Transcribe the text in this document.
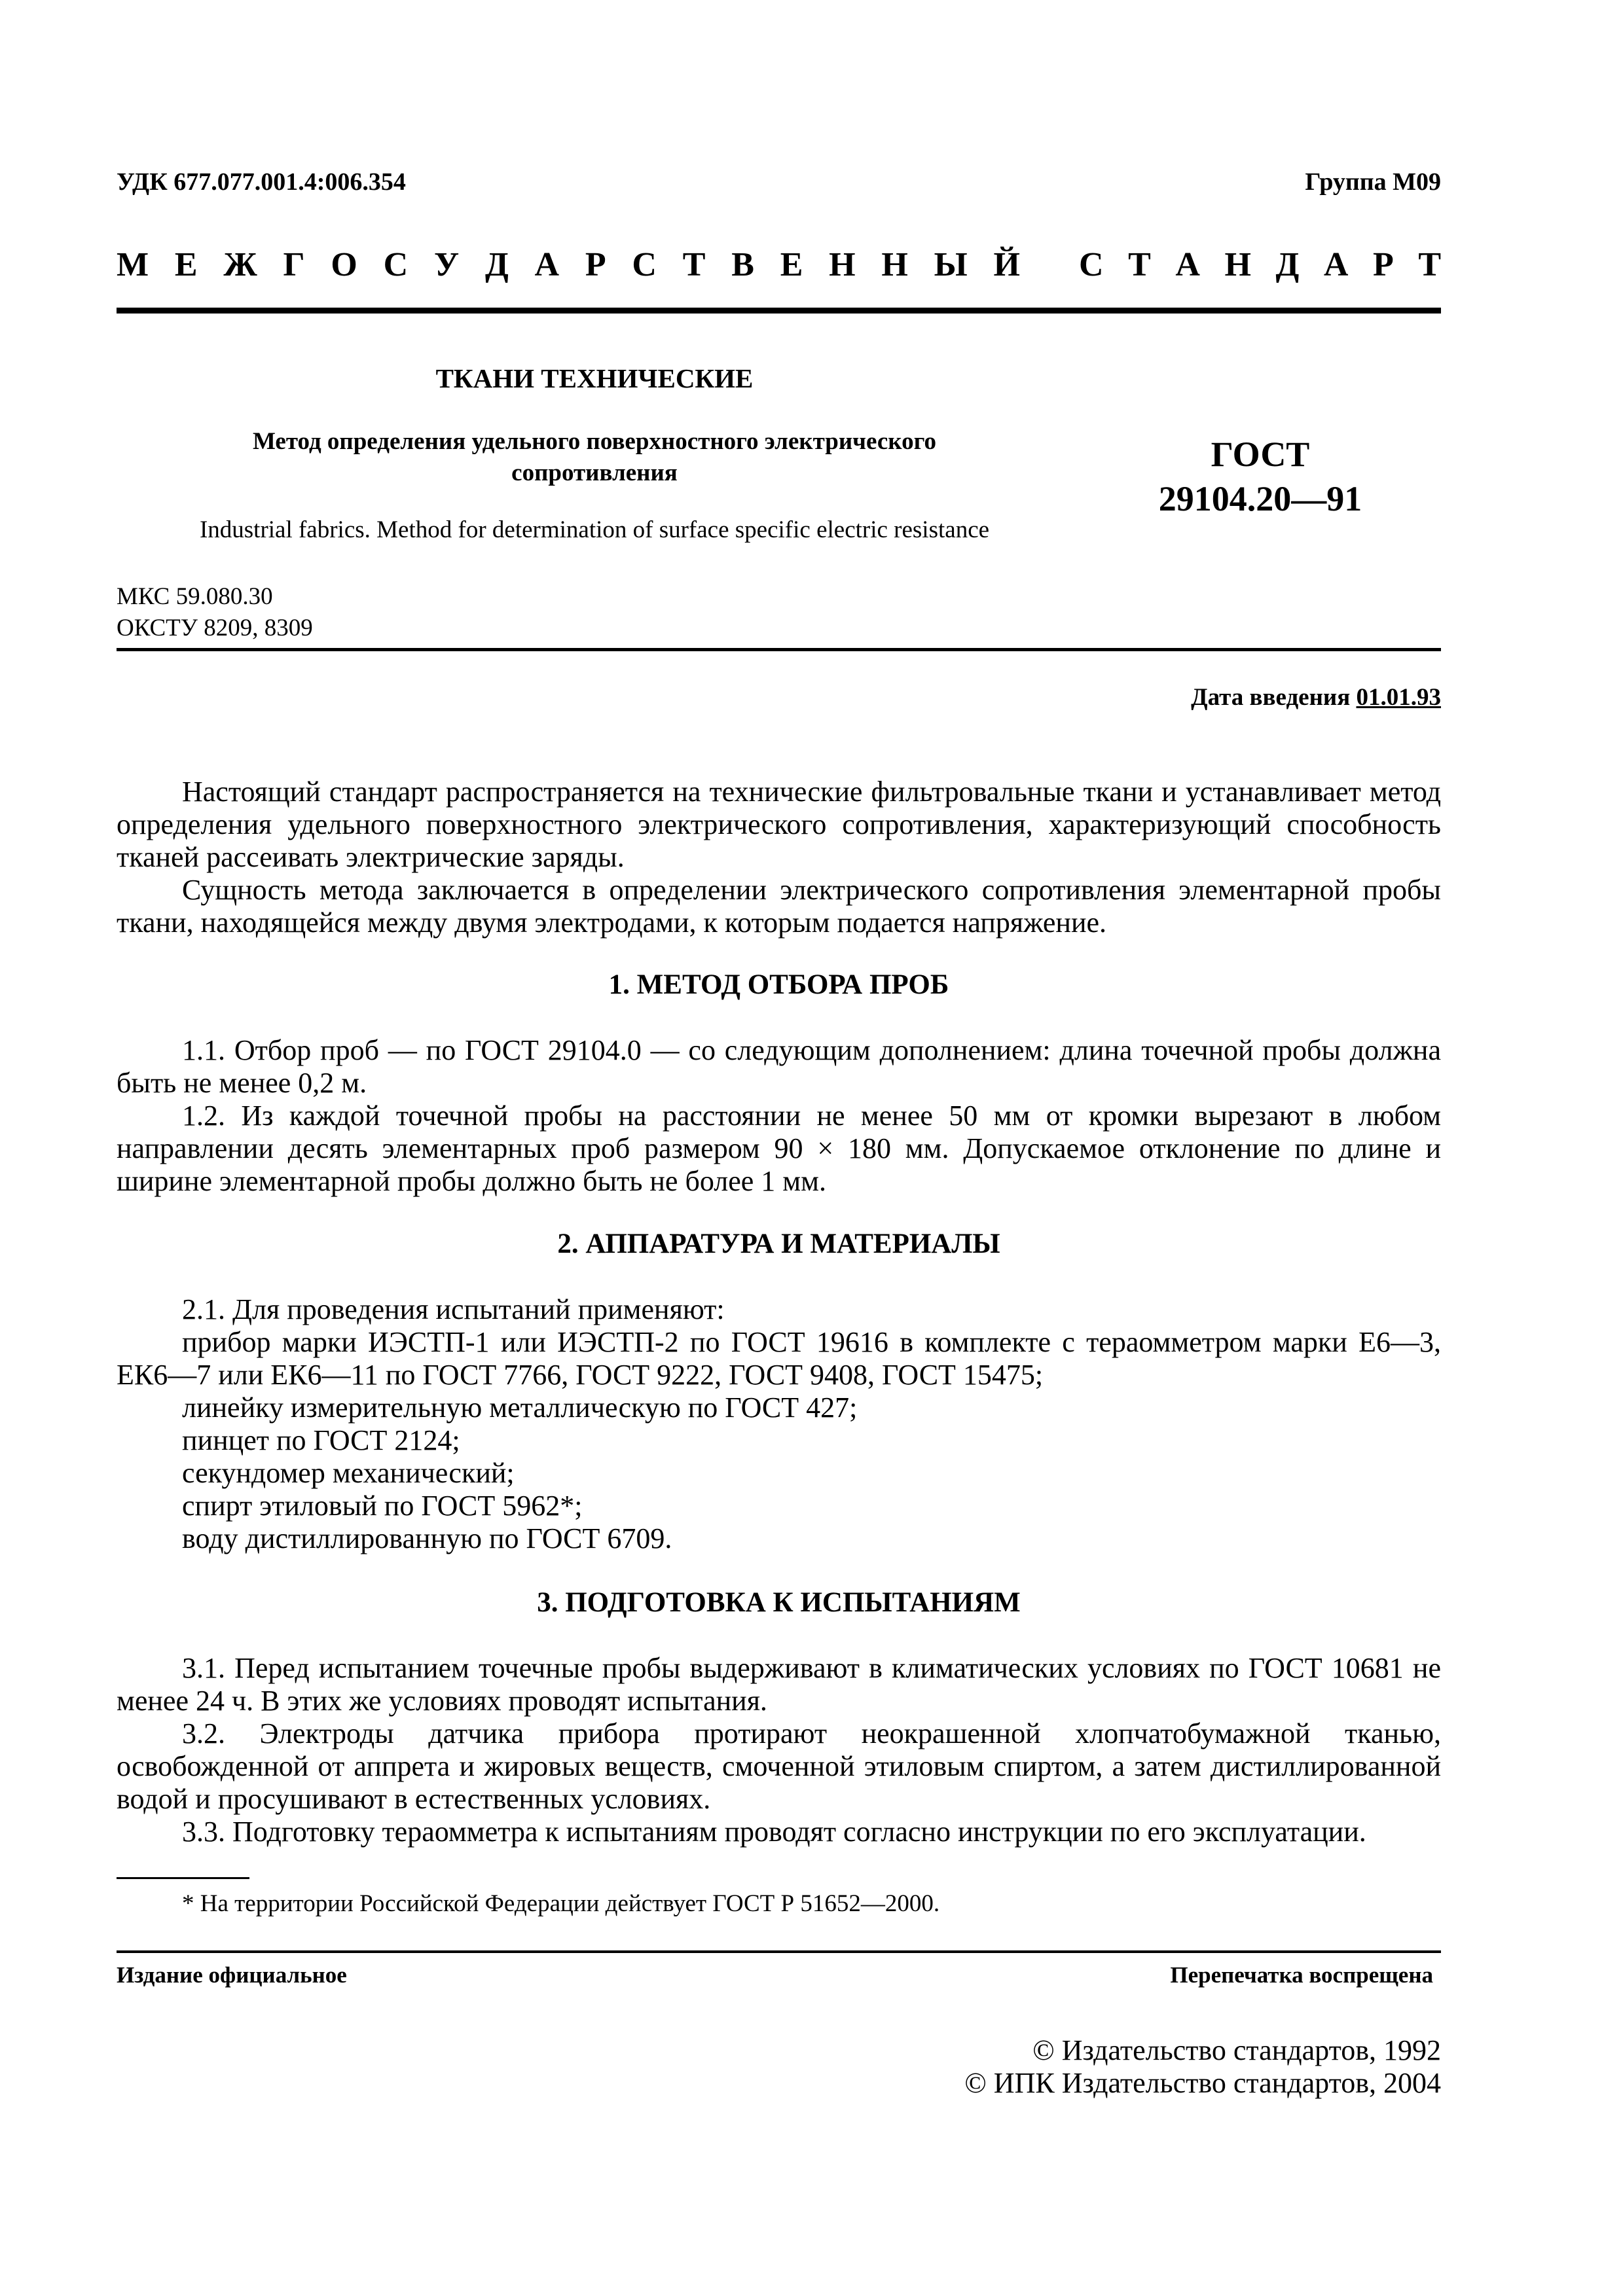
УДК 677.077.001.4:006.354	Группа М09
М Е Ж Г О С У Д А Р С Т В Е Н Н Ы Й С Т А Н Д А Р Т
ТКАНИ ТЕХНИЧЕСКИЕ
Метод определения удельного поверхностного электрического
сопротивления
Industrial fabrics. Method for determination of surface specific electric resistance
ГОСТ
29104.20—91
МКС 59.080.30
ОКСТУ 8209, 8309
Дата введения 01.01.93

Настоящий стандарт распространяется на технические фильтровальные ткани и устанавливает метод определения удельного поверхностного электрического сопротивления, характеризующий способность тканей рассеивать электрические заряды.

Сущность метода заключается в определении электрического сопротивления элементарной пробы ткани, находящейся между двумя электродами, к которым подается напряжение.

1. МЕТОД ОТБОРА ПРОБ

1.1. Отбор проб — по ГОСТ 29104.0 — со следующим дополнением: длина точечной пробы должна быть не менее 0,2 м.

1.2. Из каждой точечной пробы на расстоянии не менее 50 мм от кромки вырезают в любом направлении десять элементарных проб размером 90 × 180 мм. Допускаемое отклонение по длине и ширине элементарной пробы должно быть не более 1 мм.

2. АППАРАТУРА И МАТЕРИАЛЫ

2.1. Для проведения испытаний применяют:

прибор марки ИЭСТП-1 или ИЭСТП-2 по ГОСТ 19616 в комплекте с тераомметром марки Е6—3, ЕК6—7 или ЕК6—11 по ГОСТ 7766, ГОСТ 9222, ГОСТ 9408, ГОСТ 15475;

линейку измерительную металлическую по ГОСТ 427;

пинцет по ГОСТ 2124;

секундомер механический;

спирт этиловый по ГОСТ 5962*;

воду дистиллированную по ГОСТ 6709.

3. ПОДГОТОВКА К ИСПЫТАНИЯМ

3.1. Перед испытанием точечные пробы выдерживают в климатических условиях по ГОСТ 10681 не менее 24 ч. В этих же условиях проводят испытания.

3.2. Электроды датчика прибора протирают неокрашенной хлопчатобумажной тканью, освобожденной от аппрета и жировых веществ, смоченной этиловым спиртом, а затем дистиллированной водой и просушивают в естественных условиях.

3.3. Подготовку тераомметра к испытаниям проводят согласно инструкции по его эксплуатации.

* На территории Российской Федерации действует ГОСТ Р 51652—2000.
Издание официальное	Перепечатка воспрещена
© Издательство стандартов, 1992
© ИПК Издательство стандартов, 2004
